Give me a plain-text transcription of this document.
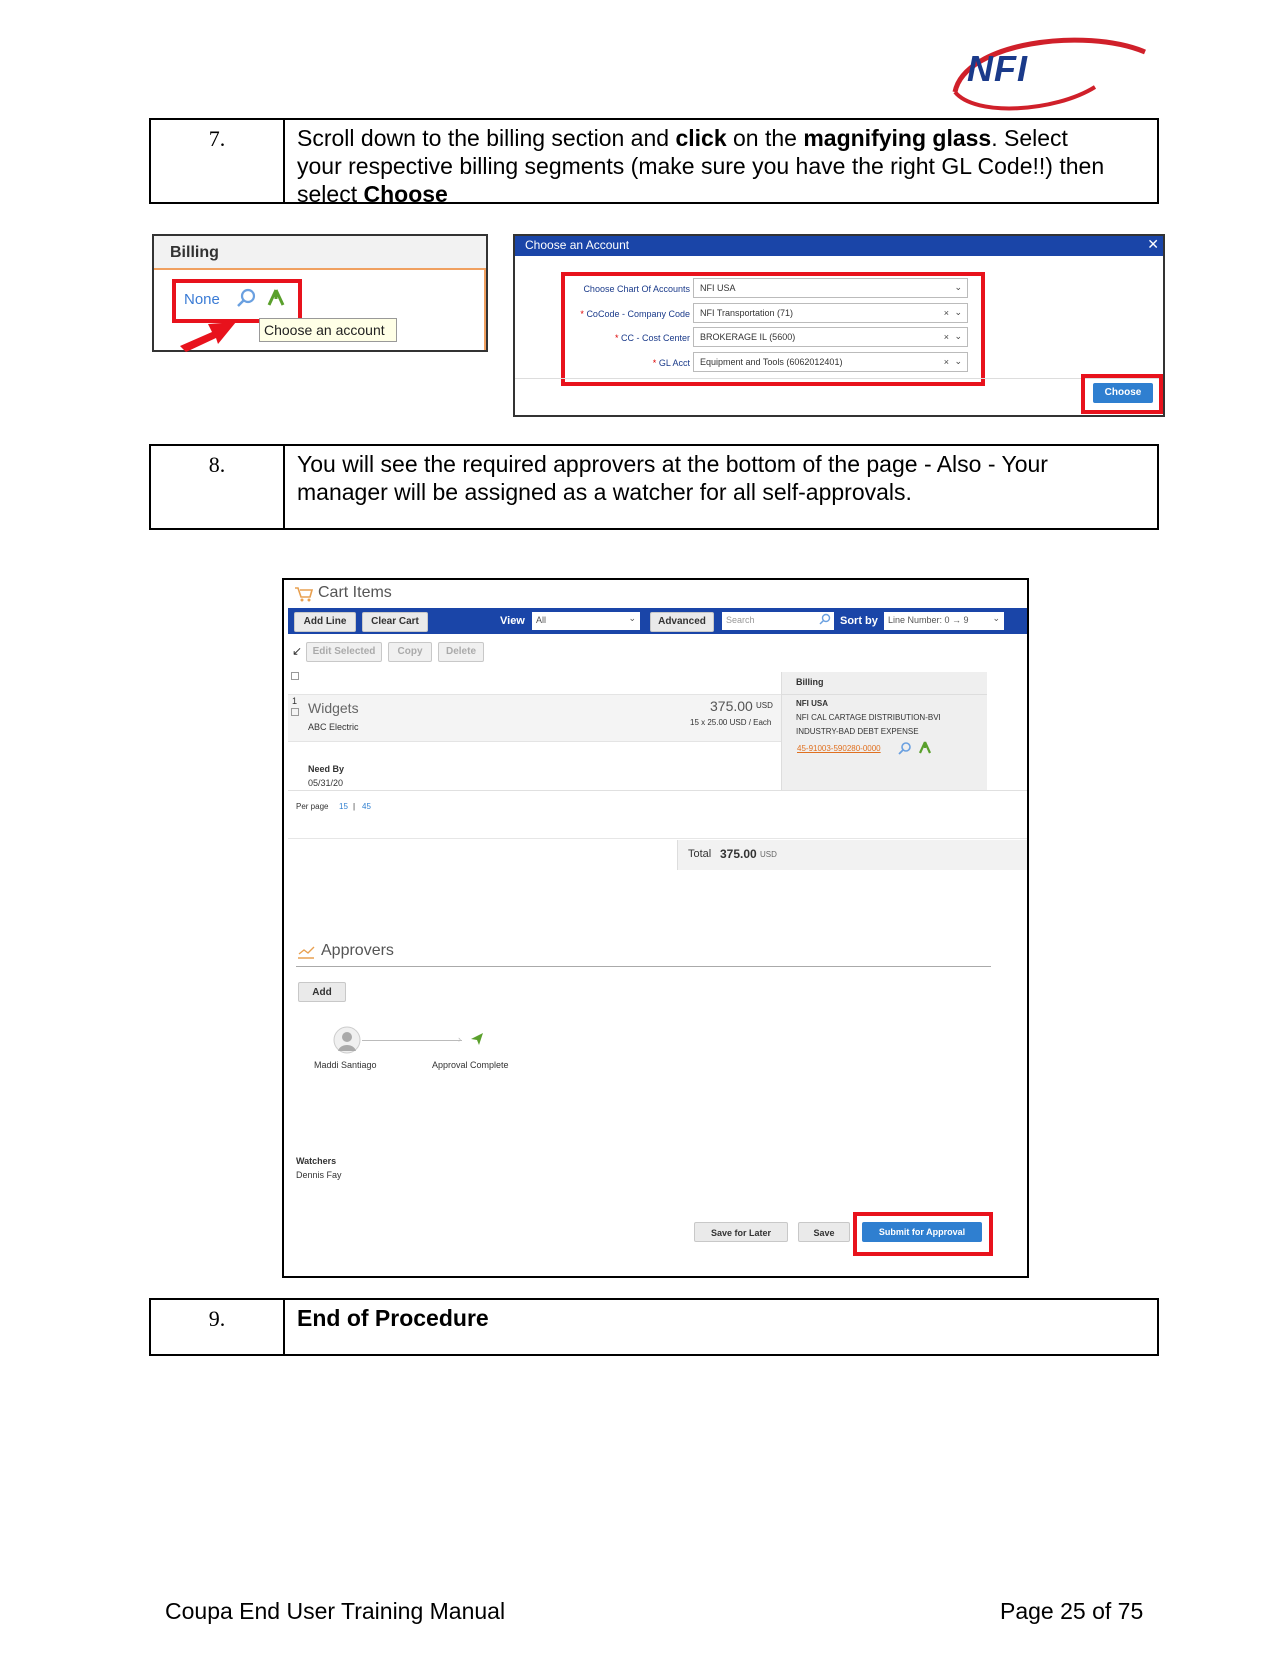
NFI
7.	Scroll down to the billing section and click on the magnifying glass. Select your respective billing segments (make sure you have the right GL Code!!) then select Choose
Billing
None
Choose an account
Choose an Account	✕
Choose Chart Of Accounts	NFI USA	⌄
* CoCode - Company Code	NFI Transportation (71)	× ⌄
* CC - Cost Center	BROKERAGE IL (5600)	× ⌄
* GL Acct	Equipment and Tools (6062012401)	× ⌄
Choose
8.	You will see the required approvers at the bottom of the page - Also - Your manager will be assigned as a watcher for all self-approvals.
Cart Items
Add Line	Clear Cart	View	All	⌄	Advanced	Search	Sort by	Line Number: 0 → 9	⌄
↙	Edit Selected	Copy	Delete
1 Widgets
ABC Electric
375.00 USD
15 x 25.00 USD / Each
Need By
05/31/20
Billing
NFI USA
NFI CAL CARTAGE DISTRIBUTION-BVI
INDUSTRY-BAD DEBT EXPENSE
45-91003-590280-0000
Per page 15 | 45
Total 375.00 USD
Approvers
Add
›
Maddi Santiago	Approval Complete
Watchers
Dennis Fay
Save for Later	Save	Submit for Approval
9.	End of Procedure
Coupa End User Training Manual	Page 25 of 75
